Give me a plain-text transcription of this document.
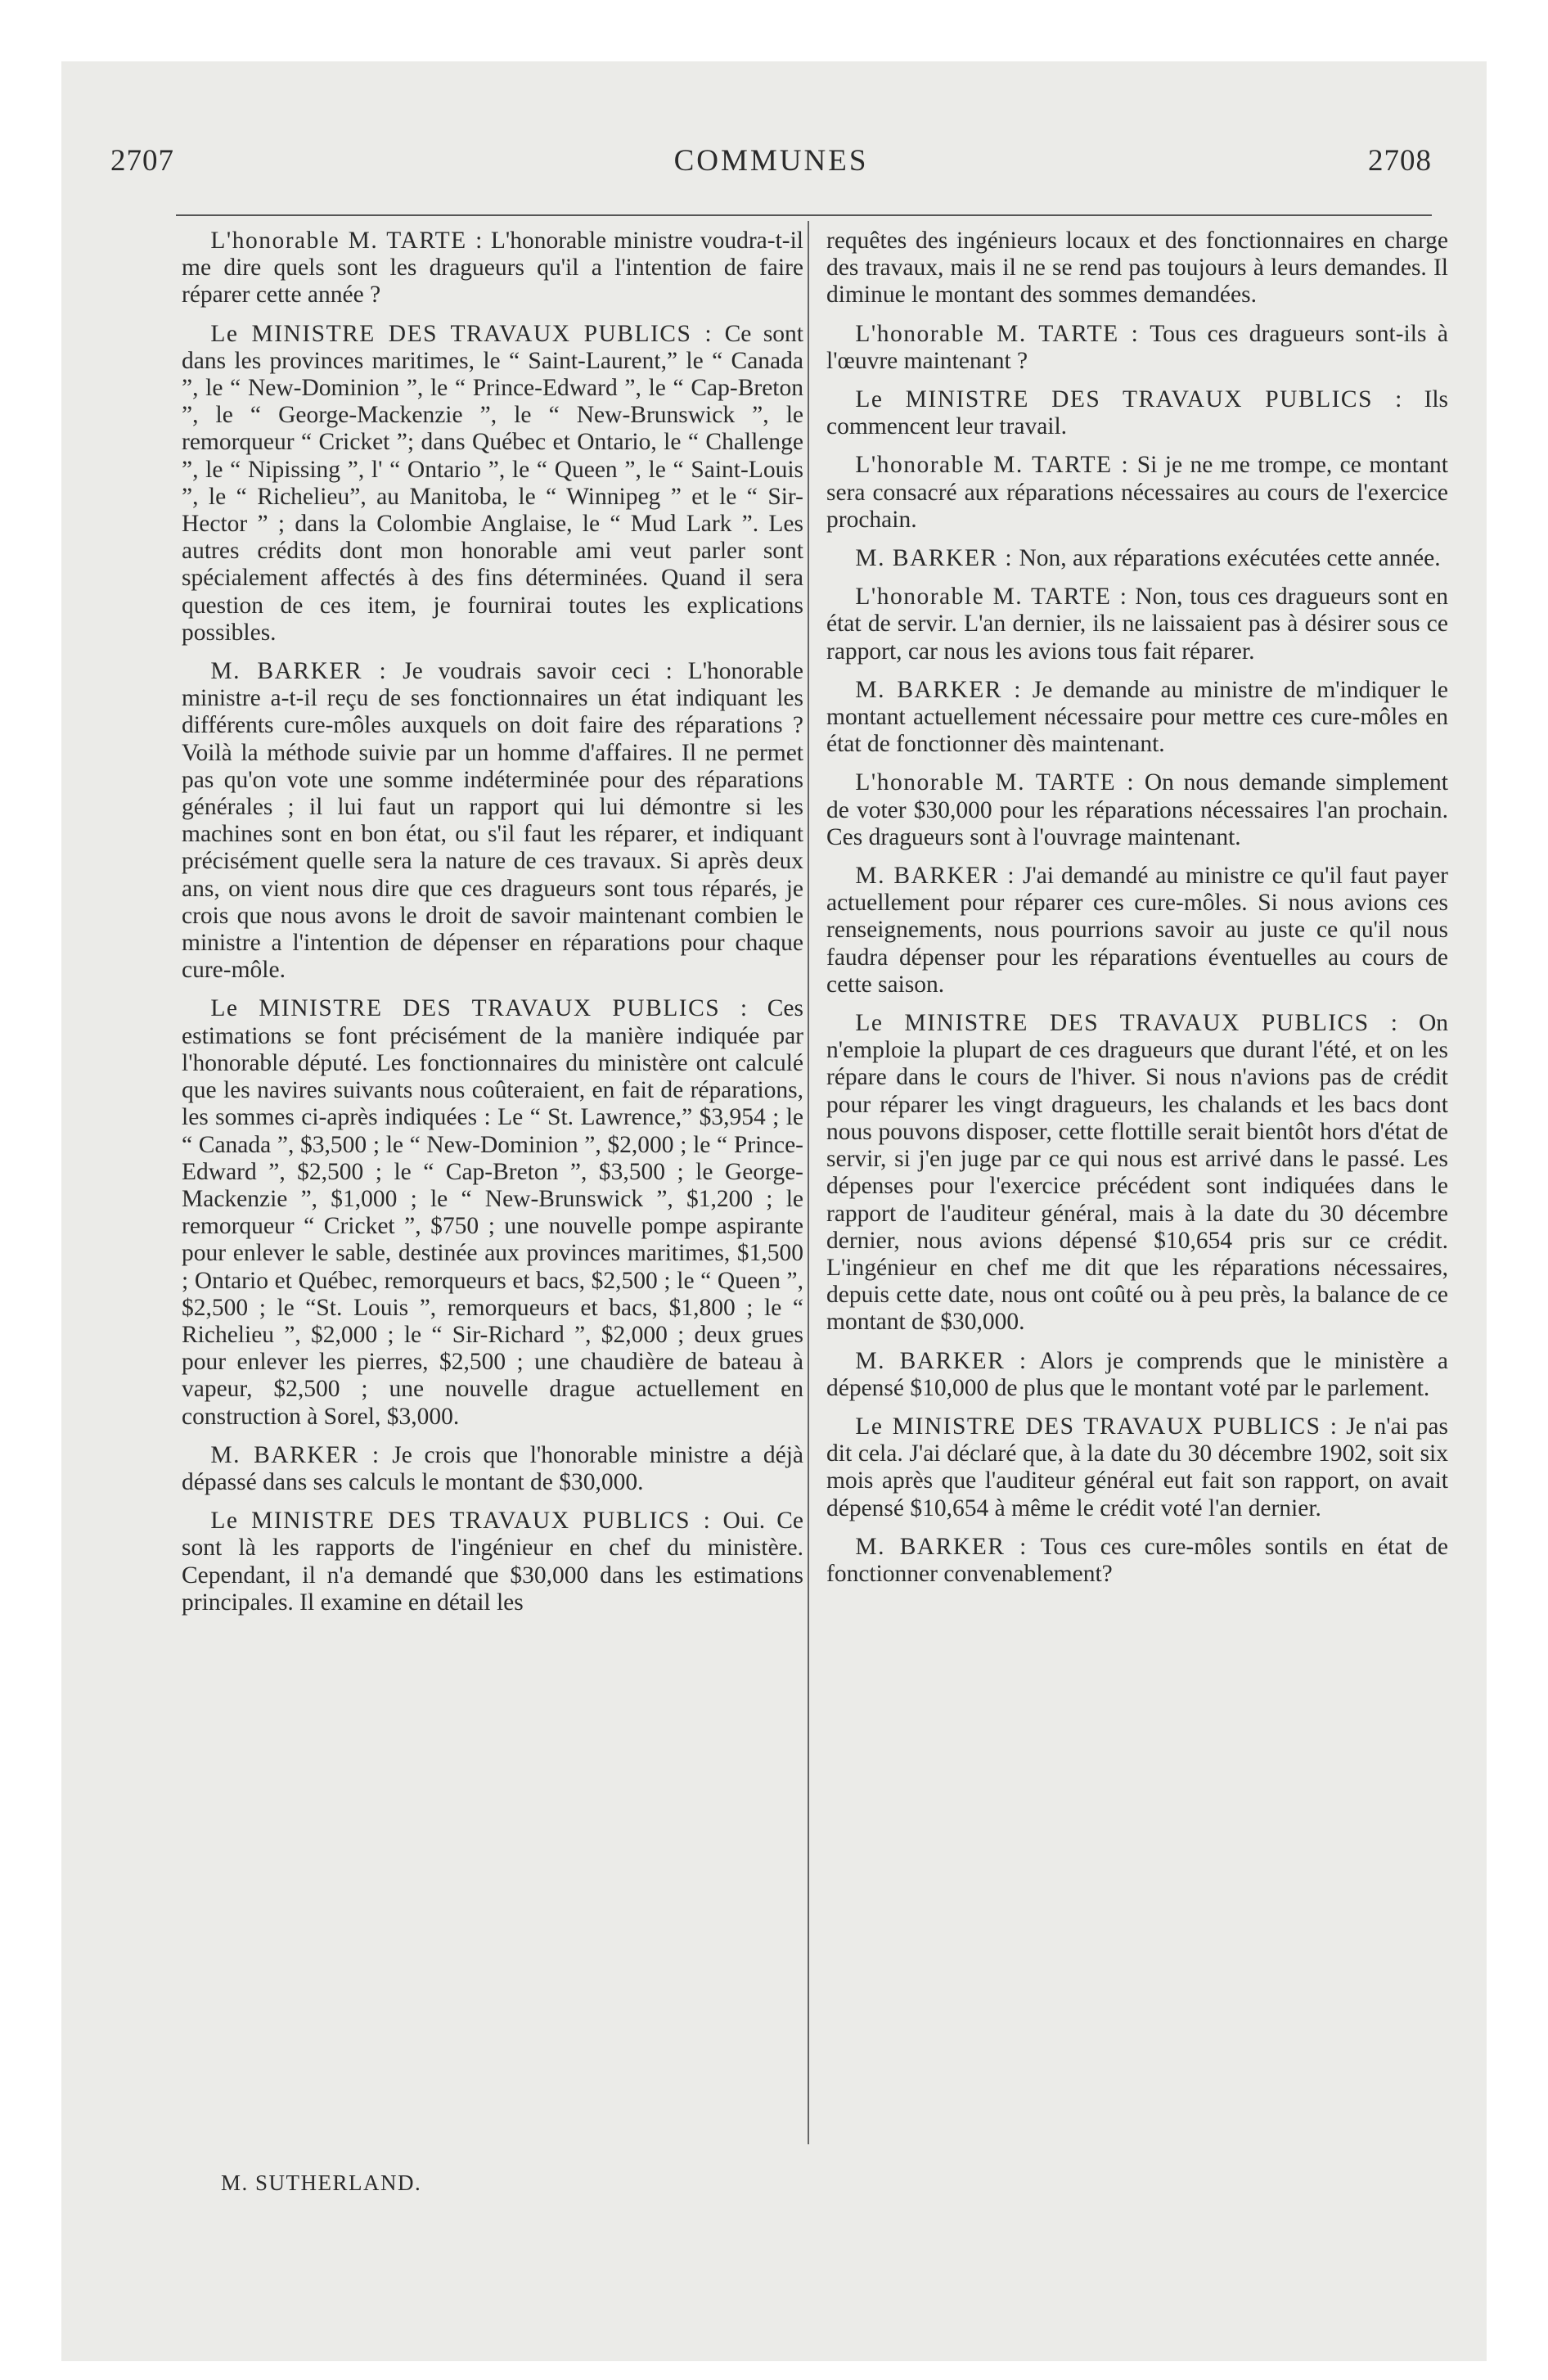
2707	COMMUNES	2708

L'honorable M. TARTE : L'honorable ministre voudra-t-il me dire quels sont les dragueurs qu'il a l'intention de faire réparer cette année ?

Le MINISTRE DES TRAVAUX PUBLICS : Ce sont dans les provinces maritimes, le “ Saint-Laurent,” le “ Canada ”, le “ New-Dominion ”, le “ Prince-Edward ”, le “ Cap-Breton ”, le “ George-Mackenzie ”, le “ New-Brunswick ”, le remorqueur “ Cricket ”; dans Québec et Ontario, le “ Challenge ”, le “ Nipissing ”, l' “ Ontario ”, le “ Queen ”, le “ Saint-Louis ”, le “ Richelieu”, au Manitoba, le “ Winnipeg ” et le “ Sir-Hector ” ; dans la Colombie Anglaise, le “ Mud Lark ”. Les autres crédits dont mon honorable ami veut parler sont spécialement affectés à des fins déterminées. Quand il sera question de ces item, je fournirai toutes les explications possibles.

M. BARKER : Je voudrais savoir ceci : L'honorable ministre a-t-il reçu de ses fonctionnaires un état indiquant les différents cure-môles auxquels on doit faire des réparations ? Voilà la méthode suivie par un homme d'affaires. Il ne permet pas qu'on vote une somme indéterminée pour des réparations générales ; il lui faut un rapport qui lui démontre si les machines sont en bon état, ou s'il faut les réparer, et indiquant précisément quelle sera la nature de ces travaux. Si après deux ans, on vient nous dire que ces dragueurs sont tous réparés, je crois que nous avons le droit de savoir maintenant combien le ministre a l'intention de dépenser en réparations pour chaque cure-môle.

Le MINISTRE DES TRAVAUX PUBLICS : Ces estimations se font précisément de la manière indiquée par l'honorable député. Les fonctionnaires du ministère ont calculé que les navires suivants nous coûteraient, en fait de réparations, les sommes ci-après indiquées : Le “ St. Lawrence,” $3,954 ; le “ Canada ”, $3,500 ; le “ New-Dominion ”, $2,000 ; le “ Prince-Edward ”, $2,500 ; le “ Cap-Breton ”, $3,500 ; le George-Mackenzie ”, $1,000 ; le “ New-Brunswick ”, $1,200 ; le remorqueur “ Cricket ”, $750 ; une nouvelle pompe aspirante pour enlever le sable, destinée aux provinces maritimes, $1,500 ; Ontario et Québec, remorqueurs et bacs, $2,500 ; le “ Queen ”, $2,500 ; le “St. Louis ”, remorqueurs et bacs, $1,800 ; le “ Richelieu ”, $2,000 ; le “ Sir-Richard ”, $2,000 ; deux grues pour enlever les pierres, $2,500 ; une chaudière de bateau à vapeur, $2,500 ; une nouvelle drague actuellement en construction à Sorel, $3,000.

M. BARKER : Je crois que l'honorable ministre a déjà dépassé dans ses calculs le montant de $30,000.

Le MINISTRE DES TRAVAUX PUBLICS : Oui. Ce sont là les rapports de l'ingénieur en chef du ministère. Cependant, il n'a demandé que $30,000 dans les estimations principales. Il examine en détail les

M. SUTHERLAND.

requêtes des ingénieurs locaux et des fonctionnaires en charge des travaux, mais il ne se rend pas toujours à leurs demandes. Il diminue le montant des sommes demandées.

L'honorable M. TARTE : Tous ces dragueurs sont-ils à l'œuvre maintenant ?

Le MINISTRE DES TRAVAUX PUBLICS : Ils commencent leur travail.

L'honorable M. TARTE : Si je ne me trompe, ce montant sera consacré aux réparations nécessaires au cours de l'exercice prochain.

M. BARKER : Non, aux réparations exécutées cette année.

L'honorable M. TARTE : Non, tous ces dragueurs sont en état de servir. L'an dernier, ils ne laissaient pas à désirer sous ce rapport, car nous les avions tous fait réparer.

M. BARKER : Je demande au ministre de m'indiquer le montant actuellement nécessaire pour mettre ces cure-môles en état de fonctionner dès maintenant.

L'honorable M. TARTE : On nous demande simplement de voter $30,000 pour les réparations nécessaires l'an prochain. Ces dragueurs sont à l'ouvrage maintenant.

M. BARKER : J'ai demandé au ministre ce qu'il faut payer actuellement pour réparer ces cure-môles. Si nous avions ces renseignements, nous pourrions savoir au juste ce qu'il nous faudra dépenser pour les réparations éventuelles au cours de cette saison.

Le MINISTRE DES TRAVAUX PUBLICS : On n'emploie la plupart de ces dragueurs que durant l'été, et on les répare dans le cours de l'hiver. Si nous n'avions pas de crédit pour réparer les vingt dragueurs, les chalands et les bacs dont nous pouvons disposer, cette flottille serait bientôt hors d'état de servir, si j'en juge par ce qui nous est arrivé dans le passé. Les dépenses pour l'exercice précédent sont indiquées dans le rapport de l'auditeur général, mais à la date du 30 décembre dernier, nous avions dépensé $10,654 pris sur ce crédit. L'ingénieur en chef me dit que les réparations nécessaires, depuis cette date, nous ont coûté ou à peu près, la balance de ce montant de $30,000.

M. BARKER : Alors je comprends que le ministère a dépensé $10,000 de plus que le montant voté par le parlement.

Le MINISTRE DES TRAVAUX PUBLICS : Je n'ai pas dit cela. J'ai déclaré que, à la date du 30 décembre 1902, soit six mois après que l'auditeur général eut fait son rapport, on avait dépensé $10,654 à même le crédit voté l'an dernier.

M. BARKER : Tous ces cure-môles sontils en état de fonctionner convenablement?
